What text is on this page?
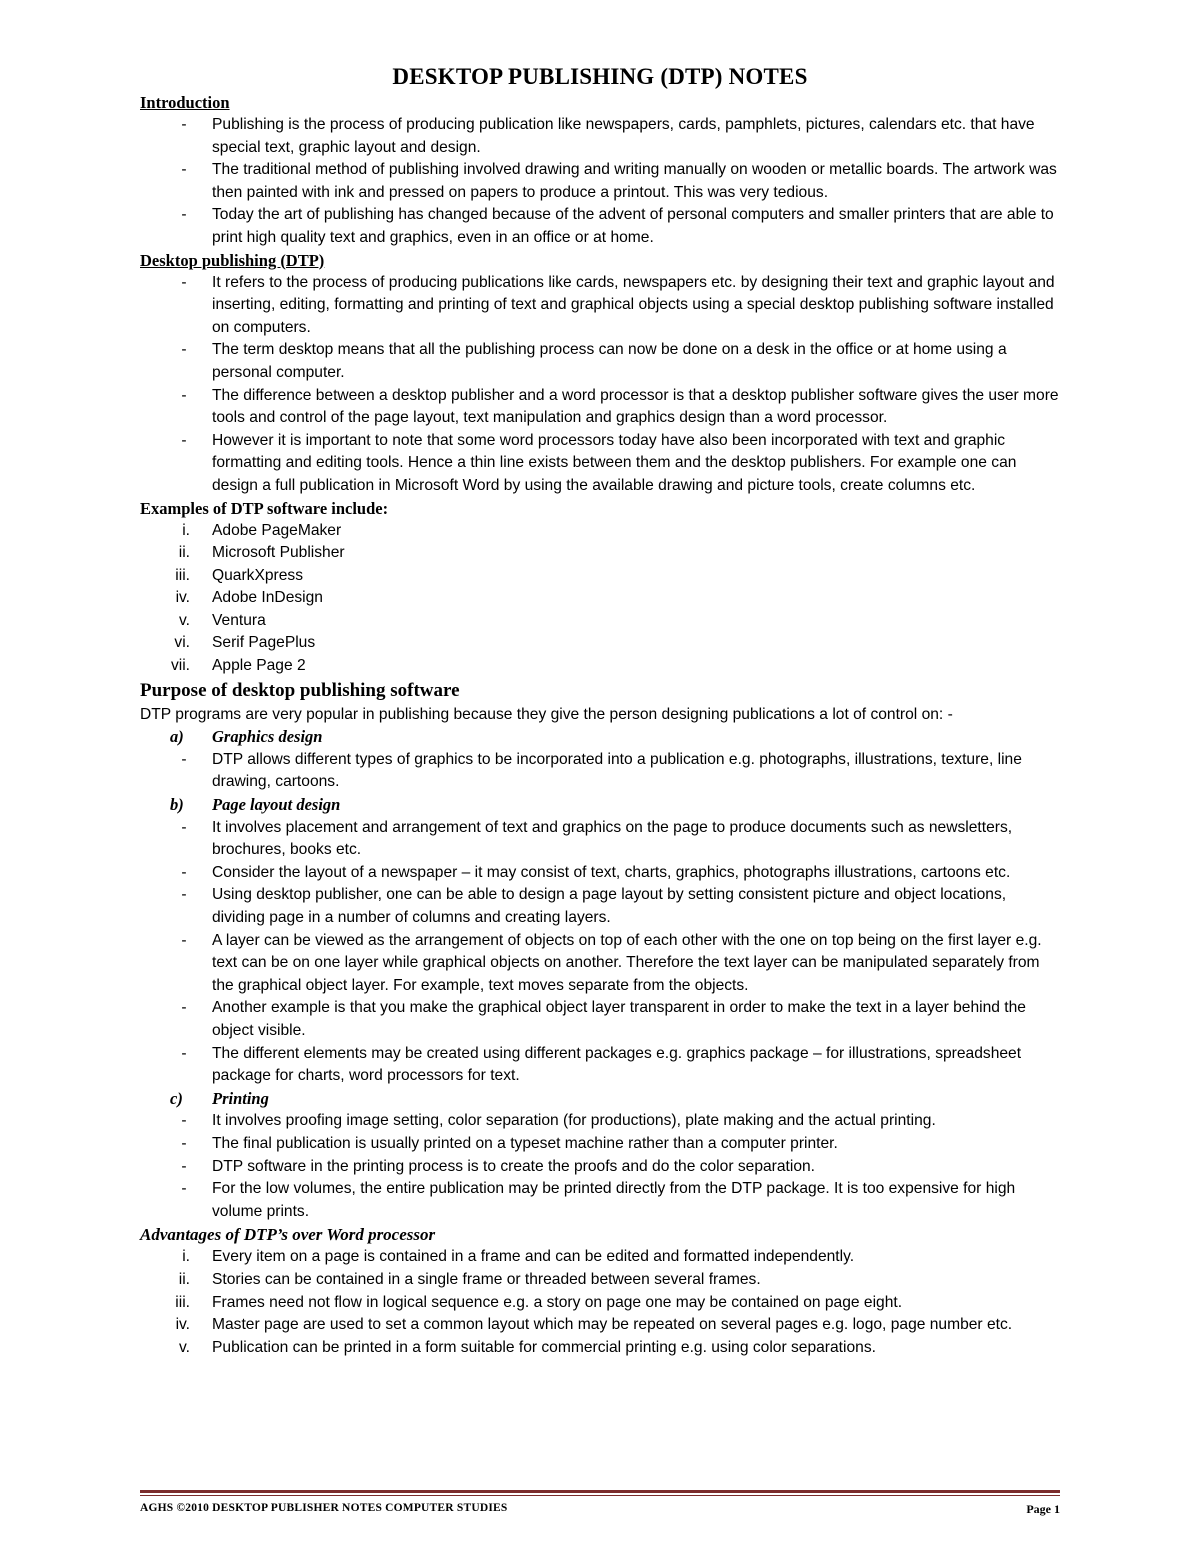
DESKTOP PUBLISHING (DTP) NOTES
Introduction
-	Publishing is the process of producing publication like newspapers, cards, pamphlets, pictures, calendars etc. that have special text, graphic layout and design.
-	The traditional method of publishing involved drawing and writing manually on wooden or metallic boards. The artwork was then painted with ink and pressed on papers to produce a printout. This was very tedious.
-	Today the art of publishing has changed because of the advent of personal computers and smaller printers that are able to print high quality text and graphics, even in an office or at home.
Desktop publishing (DTP)
-	It refers to the process of producing publications like cards, newspapers etc. by designing their text and graphic layout and inserting, editing, formatting and printing of text and graphical objects using a special desktop publishing software installed on computers.
-	The term desktop means that all the publishing process can now be done on a desk in the office or at home using a personal computer.
-	The difference between a desktop publisher and a word processor is that a desktop publisher software gives the user more tools and control of the page layout, text manipulation and graphics design than a word processor.
-	However it is important to note that some word processors today have also been incorporated with text and graphic formatting and editing tools. Hence a thin line exists between them and the desktop publishers. For example one can design a full publication in Microsoft Word by using the available drawing and picture tools, create columns etc.
Examples of DTP software include:
i. Adobe PageMaker
ii. Microsoft Publisher
iii. QuarkXpress
iv. Adobe InDesign
v. Ventura
vi. Serif PagePlus
vii. Apple Page 2
Purpose of desktop publishing software
DTP programs are very popular in publishing because they give the person designing publications a lot of control on: -
a) Graphics design
-	DTP allows different types of graphics to be incorporated into a publication e.g. photographs, illustrations, texture, line drawing, cartoons.
b) Page layout design
-	It involves placement and arrangement of text and graphics on the page to produce documents such as newsletters, brochures, books etc.
-	Consider the layout of a newspaper – it may consist of text, charts, graphics, photographs illustrations, cartoons etc.
-	Using desktop publisher, one can be able to design a page layout by setting consistent picture and object locations, dividing page in a number of columns and creating layers.
-	A layer can be viewed as the arrangement of objects on top of each other with the one on top being on the first layer e.g. text can be on one layer while graphical objects on another. Therefore the text layer can be manipulated separately from the graphical object layer. For example, text moves separate from the objects.
-	Another example is that you make the graphical object layer transparent in order to make the text in a layer behind the object visible.
-	The different elements may be created using different packages e.g. graphics package – for illustrations, spreadsheet package for charts, word processors for text.
c) Printing
-	It involves proofing image setting, color separation (for productions), plate making and the actual printing.
-	The final publication is usually printed on a typeset machine rather than a computer printer.
-	DTP software in the printing process is to create the proofs and do the color separation.
-	For the low volumes, the entire publication may be printed directly from the DTP package. It is too expensive for high volume prints.
Advantages of DTP’s over Word processor
i. Every item on a page is contained in a frame and can be edited and formatted independently.
ii. Stories can be contained in a single frame or threaded between several frames.
iii. Frames need not flow in logical sequence e.g. a story on page one may be contained on page eight.
iv. Master page are used to set a common layout which may be repeated on several pages e.g. logo, page number etc.
v. Publication can be printed in a form suitable for commercial printing e.g. using color separations.
AGHS ©2010 DESKTOP PUBLISHER NOTES COMPUTER STUDIES	Page 1
